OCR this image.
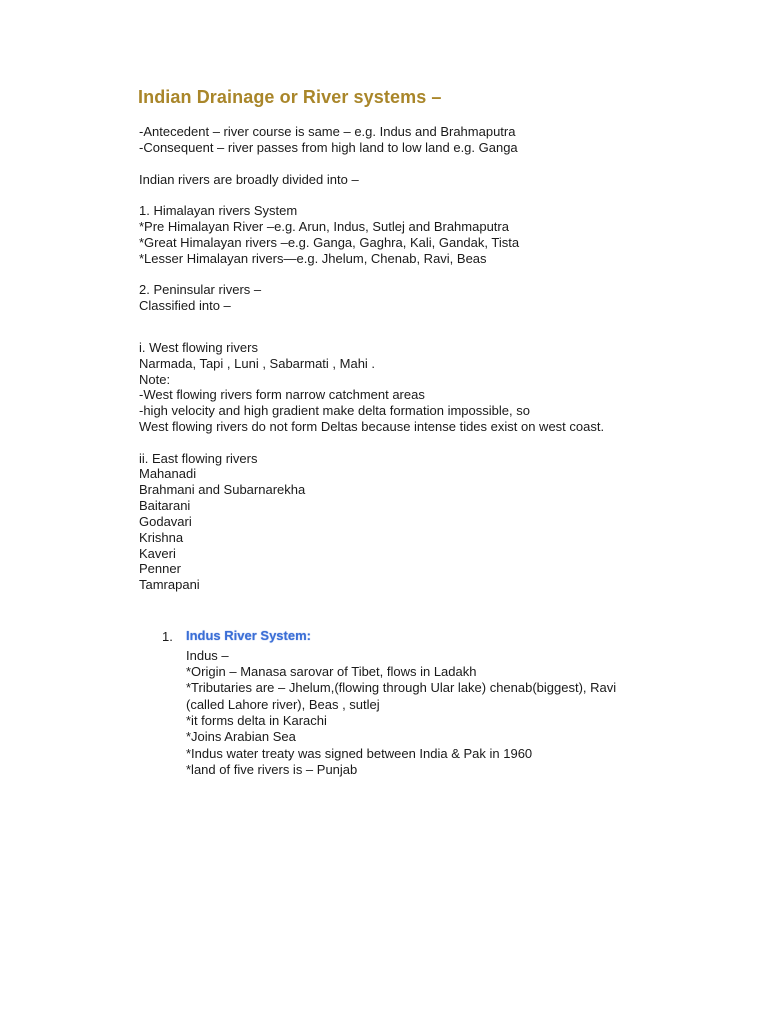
Indian Drainage or River systems –
-Antecedent – river course is same – e.g. Indus and Brahmaputra
-Consequent – river passes from high land to low land e.g. Ganga
Indian rivers are broadly divided into –
1. Himalayan rivers System
*Pre Himalayan River –e.g. Arun, Indus, Sutlej and Brahmaputra
*Great Himalayan rivers –e.g. Ganga, Gaghra, Kali, Gandak, Tista
*Lesser Himalayan rivers—e.g. Jhelum, Chenab, Ravi, Beas
2. Peninsular rivers –
Classified into –
i. West flowing rivers
Narmada, Tapi , Luni , Sabarmati , Mahi .
Note:
-West flowing rivers form narrow catchment areas
-high velocity and high gradient make delta formation impossible, so
West flowing rivers do not form Deltas because intense tides exist on west coast.
ii. East flowing rivers
Mahanadi
Brahmani and Subarnarekha
Baitarani
Godavari
Krishna
Kaveri
Penner
Tamrapani
1. Indus River System:
Indus –
*Origin – Manasa sarovar of Tibet, flows in Ladakh
*Tributaries are – Jhelum,(flowing through Ular lake) chenab(biggest), Ravi
(called Lahore river), Beas , sutlej
*it forms delta in Karachi
*Joins Arabian Sea
*Indus water treaty was signed between India & Pak in 1960
*land of five rivers is – Punjab
